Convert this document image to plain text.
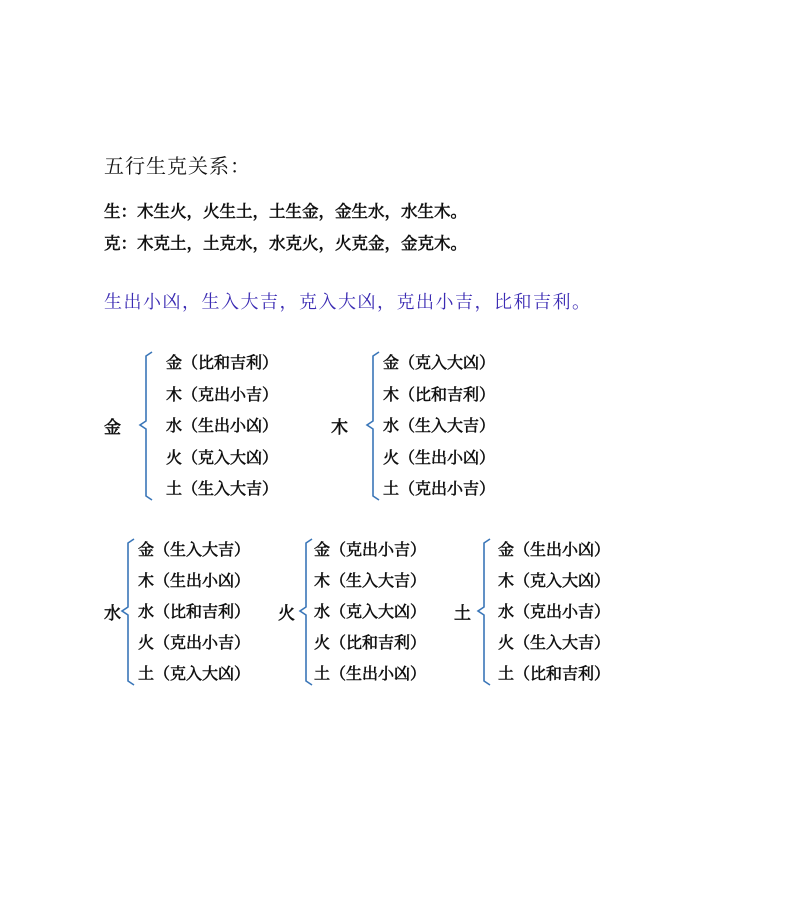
五行生克关系：
生：木生火，火生土，土生金，金生水，水生木。
克：木克土，土克水，水克火，火克金，金克木。
生出小凶，生入大吉，克入大凶，克出小吉，比和吉利。
金
金（比和吉利）
木（克出小吉）
水（生出小凶）
火（克入大凶）
土（生入大吉）
木
金（克入大凶）
木（比和吉利）
水（生入大吉）
火（生出小凶）
土（克出小吉）
水
金（生入大吉）
木（生出小凶）
水（比和吉利）
火（克出小吉）
土（克入大凶）
火
金（克出小吉）
木（生入大吉）
水（克入大凶）
火（比和吉利）
土（生出小凶）
土
金（生出小凶）
木（克入大凶）
水（克出小吉）
火（生入大吉）
土（比和吉利）
